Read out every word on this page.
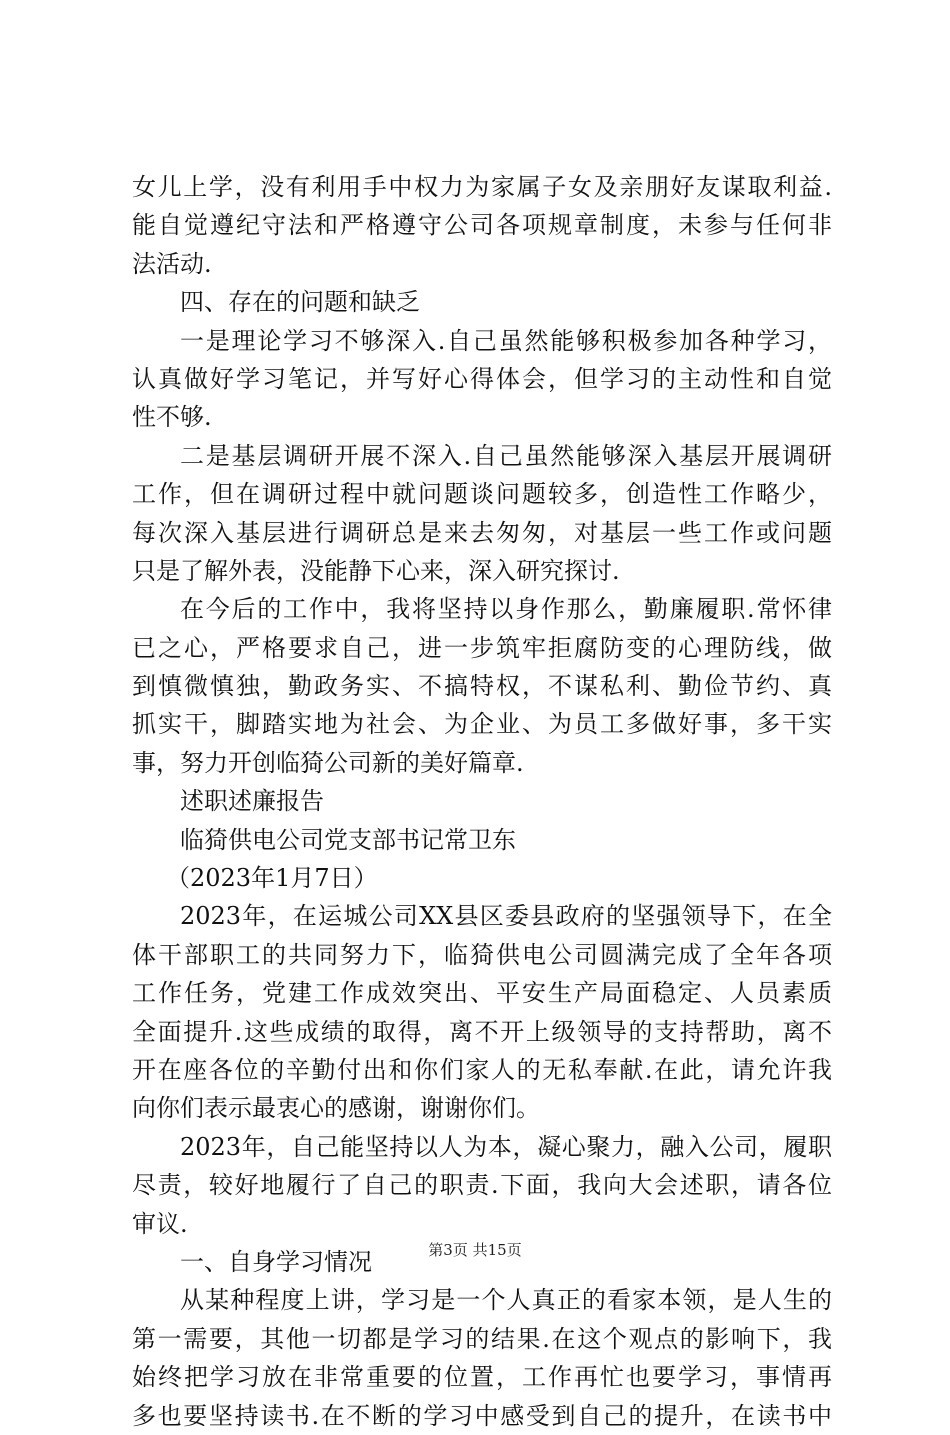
女儿上学，没有利用手中权力为家属子女及亲朋好友谋取利益.
能自觉遵纪守法和严格遵守公司各项规章制度，未参与任何非
法活动.
四、存在的问题和缺乏
一是理论学习不够深入.自己虽然能够积极参加各种学习，
认真做好学习笔记，并写好心得体会，但学习的主动性和自觉
性不够.
二是基层调研开展不深入.自己虽然能够深入基层开展调研
工作，但在调研过程中就问题谈问题较多，创造性工作略少，
每次深入基层进行调研总是来去匆匆，对基层一些工作或问题
只是了解外表，没能静下心来，深入研究探讨.
在今后的工作中，我将坚持以身作那么，勤廉履职.常怀律
已之心，严格要求自己，进一步筑牢拒腐防变的心理防线，做
到慎微慎独，勤政务实、不搞特权，不谋私利、勤俭节约、真
抓实干，脚踏实地为社会、为企业、为员工多做好事，多干实
事，努力开创临猗公司新的美好篇章.
述职述廉报告
临猗供电公司党支部书记常卫东
（2023年1月7日）
2023年，在运城公司XX县区委县政府的坚强领导下，在全
体干部职工的共同努力下，临猗供电公司圆满完成了全年各项
工作任务，党建工作成效突出、平安生产局面稳定、人员素质
全面提升.这些成绩的取得，离不开上级领导的支持帮助，离不
开在座各位的辛勤付出和你们家人的无私奉献.在此，请允许我
向你们表示最衷心的感谢，谢谢你们。
2023年，自己能坚持以人为本，凝心聚力，融入公司，履职
尽责，较好地履行了自己的职责.下面，我向大会述职，请各位
审议.
一、自身学习情况
从某种程度上讲，学习是一个人真正的看家本领，是人生的
第一需要，其他一切都是学习的结果.在这个观点的影响下，我
始终把学习放在非常重要的位置，工作再忙也要学习，事情再
多也要坚持读书.在不断的学习中感受到自己的提升，在读书中
第3页 共15页
